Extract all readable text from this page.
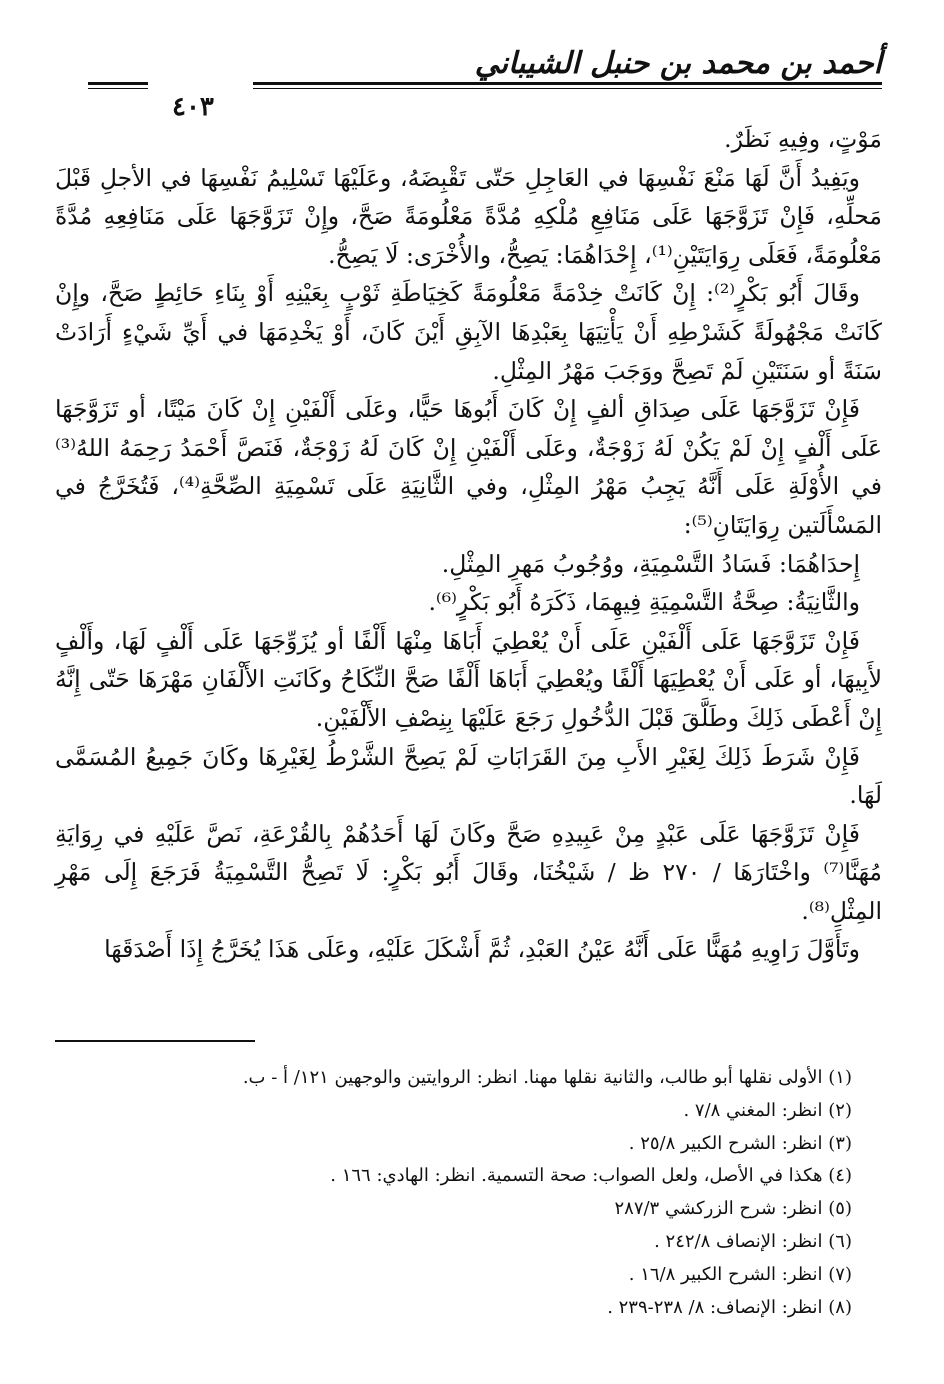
أحمد بن محمد بن حنبل الشيباني
٤٠٣

مَوْتٍ، وفِيهِ نَظَرٌ.

ويَفِيدُ أَنَّ لَهَا مَنْعَ نَفْسِهَا في العَاجِلِ حَتّى تَقْبِضَهُ، وعَلَيْهَا تَسْلِيمُ نَفْسِهَا في الأجلِ قَبْلَ مَحلِّهِ، فَإِنْ تَزَوَّجَهَا عَلَى مَنَافِعِ مُلْكِهِ مُدَّةً مَعْلُومَةً صَحَّ، وإِنْ تَزَوَّجَهَا عَلَى مَنَافِعِهِ مُدَّةً مَعْلُومَةً، فَعَلَى رِوَايَتَيْنِ⁽¹⁾، إِحْدَاهُمَا: يَصِحُّ، والأُخْرَى: لَا يَصِحُّ.

وقَالَ أَبُو بَكْرٍ⁽²⁾: إِنْ كَانَتْ خِدْمَةً مَعْلُومَةً كَخِيَاطَةِ ثَوْبٍ بِعَيْنِهِ أَوْ بِنَاءِ حَائِطٍ صَحَّ، وإِنْ كَانَتْ مَجْهُولَةً كَشَرْطِهِ أَنْ يَأْتِيَهَا بِعَبْدِهَا الآبِقِ أَيْنَ كَانَ، أَوْ يَخْدِمَهَا في أَيِّ شَيْءٍ أَرَادَتْ سَنَةً أو سَنَتَيْنِ لَمْ تَصِحَّ ووَجَبَ مَهْرُ المِثْلِ.

فَإِنْ تَزَوَّجَهَا عَلَى صِدَاقِ ألفٍ إِنْ كَانَ أَبُوهَا حَيًّا، وعَلَى أَلْفَيْنِ إِنْ كَانَ مَيْتًا، أو تَزَوَّجَهَا عَلَى أَلْفٍ إِنْ لَمْ يَكُنْ لَهُ زَوْجَةٌ، وعَلَى أَلْفَيْنِ إِنْ كَانَ لَهُ زَوْجَةٌ، فَنَصَّ أَحْمَدُ رَحِمَهُ اللهُ⁽³⁾ في الأُوْلَةِ عَلَى أَنَّهُ يَجِبُ مَهْرُ المِثْلِ، وفي الثَّانِيَةِ عَلَى تَسْمِيَةِ الصِّحَّةِ⁽⁴⁾، فَتُخَرَّجُ في المَسْأَلَتين رِوَايَتَانِ⁽⁵⁾:

إِحدَاهُمَا: فَسَادُ التَّسْمِيَةِ، ووُجُوبُ مَهرِ المِثْلِ.

والثَّانِيَةُ: صِحَّةُ التَّسْمِيَةِ فِيهِمَا، ذَكَرَهُ أَبُو بَكْرٍ⁽⁶⁾.

فَإِنْ تَزَوَّجَهَا عَلَى أَلْفَيْنِ عَلَى أَنْ يُعْطِيَ أَبَاهَا مِنْهَا أَلْفًا أو يُزَوِّجَهَا عَلَى أَلْفٍ لَهَا، وأَلْفٍ لأَبِيهَا، أو عَلَى أَنْ يُعْطِيَهَا أَلْفًا ويُعْطِيَ أَبَاهَا أَلْفًا صَحَّ النِّكَاحُ وكَانَتِ الأَلْفَانِ مَهْرَهَا حَتّى إِنَّهُ إِنْ أَعْطَى ذَلِكَ وطَلَّقَ قَبْلَ الدُّخُولِ رَجَعَ عَلَيْهَا بِنِصْفِ الأَلْفَيْنِ.

فَإِنْ شَرَطَ ذَلِكَ لِغَيْرِ الأَبِ مِنَ القَرَابَاتِ لَمْ يَصِحَّ الشَّرْطُ لِغَيْرِهَا وكَانَ جَمِيعُ المُسَمَّى لَهَا.

فَإِنْ تَزَوَّجَهَا عَلَى عَبْدٍ مِنْ عَبِيدِهِ صَحَّ وكَانَ لَهَا أَحَدُهُمْ بِالقُرْعَةِ، نَصَّ عَلَيْهِ في رِوَايَةِ مُهَنَّا⁽⁷⁾ واخْتَارَهَا / ٢٧٠ ظ / شَيْخُنَا، وقَالَ أَبُو بَكْرٍ: لَا تَصِحُّ التَّسْمِيَةُ فَرَجَعَ إِلَى مَهْرِ المِثْلِ⁽⁸⁾.

وتَأَوَّلَ رَاوِيهِ مُهَنًّا عَلَى أَنَّهُ عَيْنُ العَبْدِ، ثُمَّ أَشْكَلَ عَلَيْهِ، وعَلَى هَذَا يُخَرَّجُ إِذَا أَصْدَقَهَا

(١) الأولى نقلها أبو طالب، والثانية نقلها مهنا. انظر: الروايتين والوجهين ١٢١/ أ - ب.
(٢) انظر: المغني ٧/٨ .
(٣) انظر: الشرح الكبير ٢٥/٨ .
(٤) هكذا في الأصل، ولعل الصواب: صحة التسمية. انظر: الهادي: ١٦٦ .
(٥) انظر: شرح الزركشي ٢٨٧/٣
(٦) انظر: الإنصاف ٢٤٢/٨ .
(٧) انظر: الشرح الكبير ١٦/٨ .
(٨) انظر: الإنصاف: ٨/ ٢٣٨-٢٣٩ .
